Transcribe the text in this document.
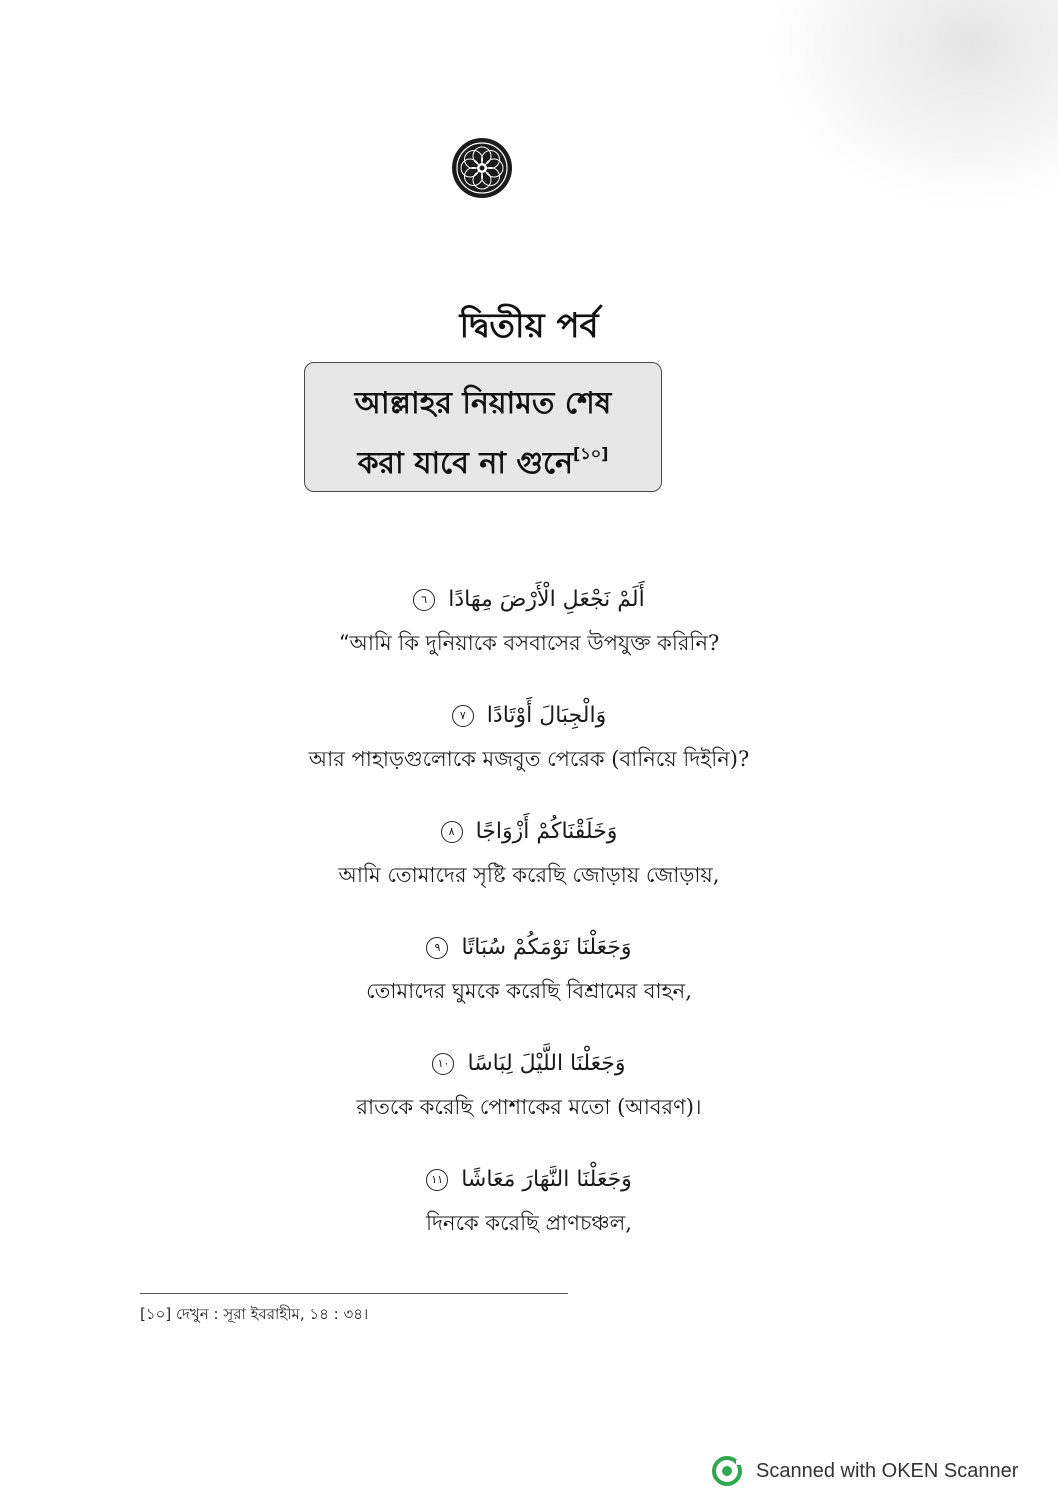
দ্বিতীয় পর্ব
আল্লাহর নিয়ামত শেষ
করা যাবে না গুনে[১০]
أَلَمْ نَجْعَلِ الْأَرْضَ مِهَادًا ٦
“আমি কি দুনিয়াকে বসবাসের উপযুক্ত করিনি?
وَالْجِبَالَ أَوْتَادًا ٧
আর পাহাড়গুলোকে মজবুত পেরেক (বানিয়ে দিইনি)?
وَخَلَقْنَاكُمْ أَزْوَاجًا ٨
আমি তোমাদের সৃষ্টি করেছি জোড়ায় জোড়ায়,
وَجَعَلْنَا نَوْمَكُمْ سُبَاتًا ٩
তোমাদের ঘুমকে করেছি বিশ্রামের বাহন,
وَجَعَلْنَا اللَّيْلَ لِبَاسًا ١٠
রাতকে করেছি পোশাকের মতো (আবরণ)।
وَجَعَلْنَا النَّهَارَ مَعَاشًا ١١
দিনকে করেছি প্রাণচঞ্চল,
[১০] দেখুন : সূরা ইবরাহীম, ১৪ : ৩৪।
Scanned with OKEN Scanner
